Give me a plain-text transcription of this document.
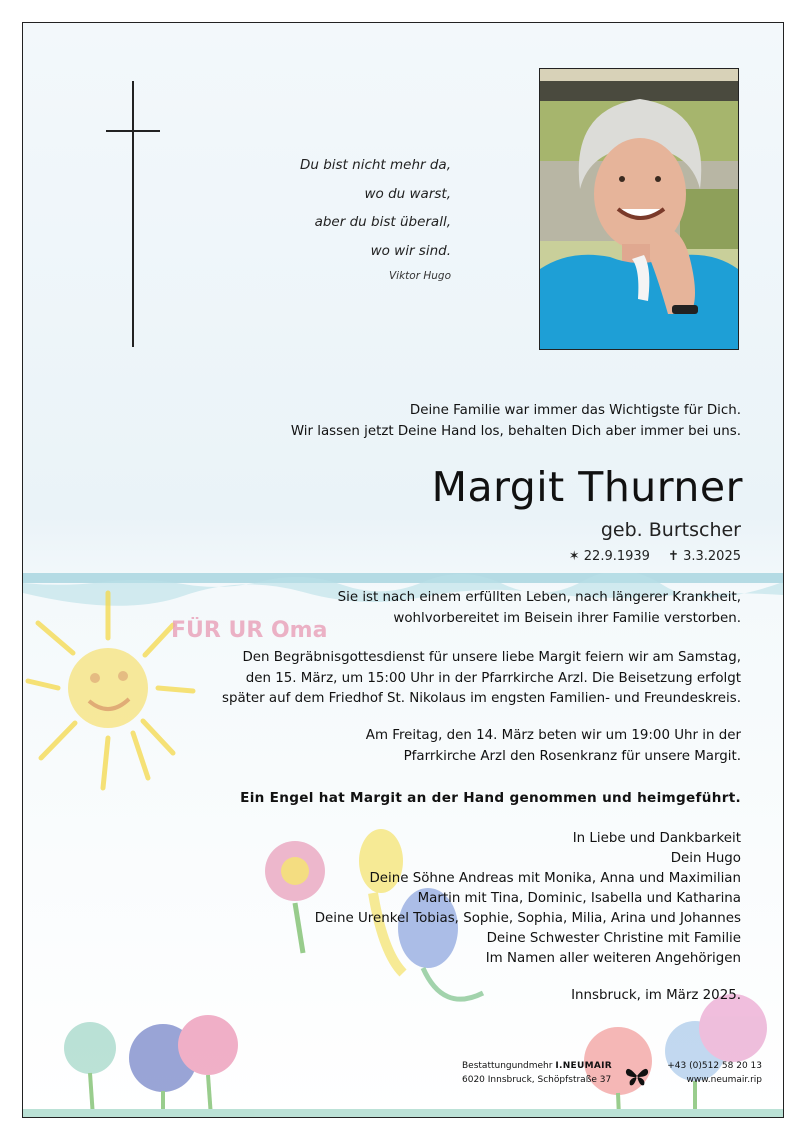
FÜR UR Oma
Du bist nicht mehr da,
wo du warst,
aber du bist überall,
wo wir sind.
Viktor Hugo
Deine Familie war immer das Wichtigste für Dich.
Wir lassen jetzt Deine Hand los, behalten Dich aber immer bei uns.
Margit Thurner
geb. Burtscher
✶ 22.9.1939 ✝ 3.3.2025
Sie ist nach einem erfüllten Leben, nach längerer Krankheit,
wohlvorbereitet im Beisein ihrer Familie verstorben.
Den Begräbnisgottesdienst für unsere liebe Margit feiern wir am Samstag,
den 15. März, um 15:00 Uhr in der Pfarrkirche Arzl. Die Beisetzung erfolgt
später auf dem Friedhof St. Nikolaus im engsten Familien- und Freundeskreis.
Am Freitag, den 14. März beten wir um 19:00 Uhr in der
Pfarrkirche Arzl den Rosenkranz für unsere Margit.
Ein Engel hat Margit an der Hand genommen und heimgeführt.
In Liebe und Dankbarkeit
Dein Hugo
Deine Söhne Andreas mit Monika, Anna und Maximilian
Martin mit Tina, Dominic, Isabella und Katharina
Deine Urenkel Tobias, Sophie, Sophia, Milia, Arina und Johannes
Deine Schwester Christine mit Familie
Im Namen aller weiteren Angehörigen
Innsbruck, im März 2025.
Bestattungundmehr I.NEUMAIR
6020 Innsbruck, Schöpfstraße 37
+43 (0)512 58 20 13
www.neumair.rip
